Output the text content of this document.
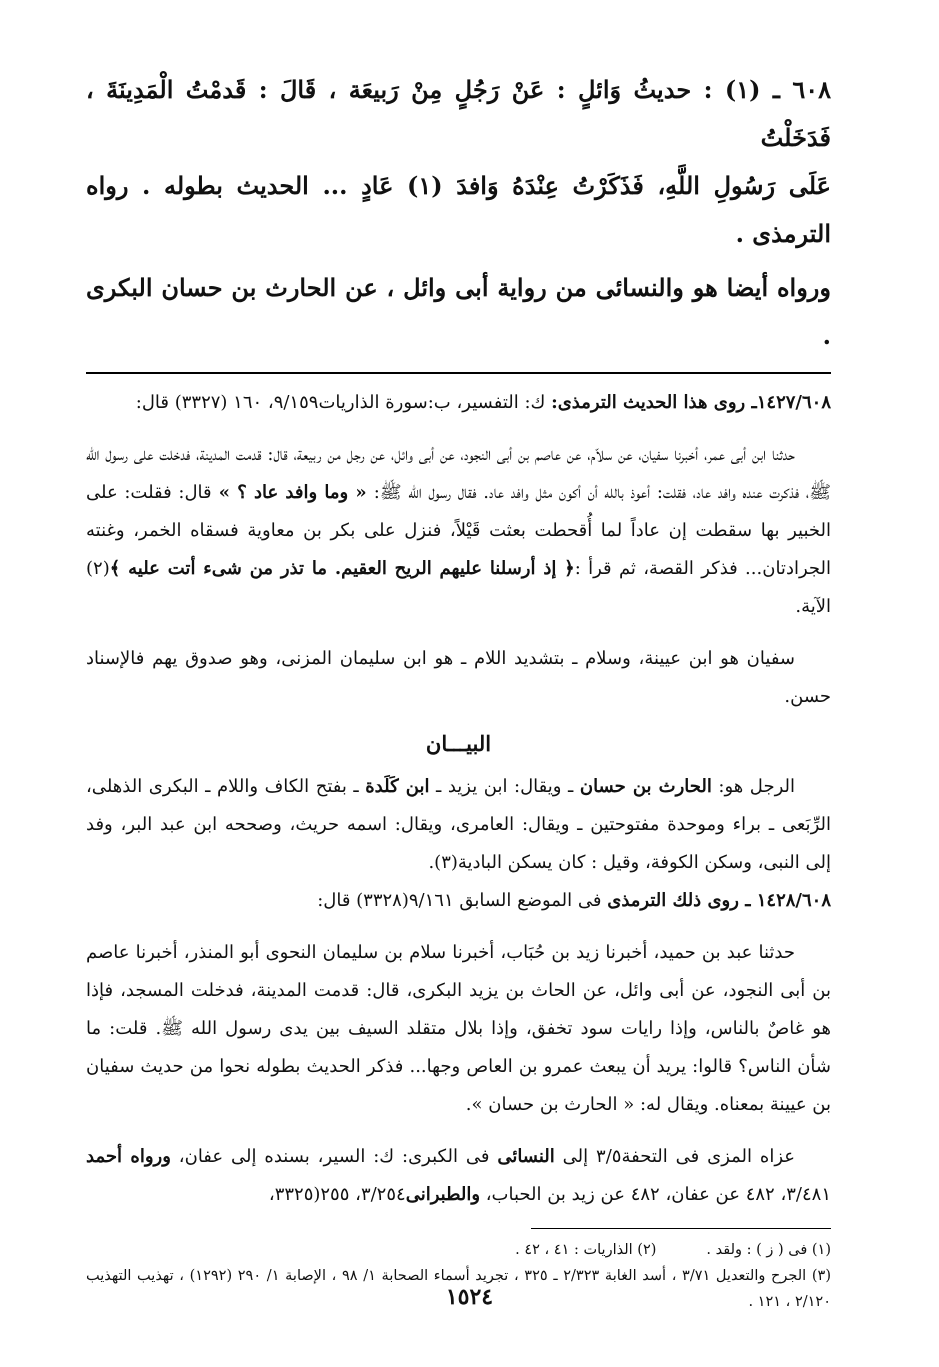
٦٠٨ ـ (١) : حديثُ وَائلٍ : عَنْ رَجُلٍ مِنْ رَبيعَة ، قَالَ : قَدمْتُ الْمَدِينَةَ ، فَدَخَلْتُ

عَلَى رَسُولِ اللَّهِ، فَذَكَرْتُ عِنْدَهُ وَافدَ (١) عَادٍ ... الحديث بطوله . رواه الترمذى .

ورواه أيضا هو والنسائى من رواية أبى وائل ، عن الحارث بن حسان البكرى .

١٤٢٧/٦٠٨ـ روى هذا الحديث الترمذى: ك: التفسير، ب:سورة الذاريات٩/١٥٩، ١٦٠ (٣٣٢٧) قال:

  حدثنا ابن أبى عمر، أخبرنا سفيان، عن سلاّم، عن عاصم بن أبى النجود، عن أبى وائل، عن رجل من ربيعة، قال: قدمت المدينة، فدخلت على رسول الله ﷺ، فذكرت عنده وافد عاد، فقلت: أعوذ بالله أن أكون مثل وافد عاد. فقال رسول الله ﷺ: « وما وافد عاد ؟ » قال: فقلت: على الخبير بها سقطت إن عاداً لما أُقحطت بعثت قَيْلاً، فنزل على بكر بن معاوية فسقاه الخمر، وغنته الجرادتان... فذكر القصة، ثم قرأ :﴿ إذ أرسلنا عليهم الريح العقيم. ما تذر من شىء أتت عليه ﴾(٢) الآية.

  سفيان هو ابن عيينة، وسلام ـ بتشديد اللام ـ هو ابن سليمان المزنى، وهو صدوق يهم فالإسناد حسن.

البيـــان

  الرجل هو: الحارث بن حسان ـ ويقال: ابن يزيد ـ ابن كَلَدة ـ بفتح الكاف واللام ـ البكرى الذهلى، الرِّبَعى ـ براء وموحدة مفتوحتين ـ ويقال: العامرى، ويقال: اسمه حريث، وصححه ابن عبد البر، وفد إلى النبى، وسكن الكوفة، وقيل : كان يسكن البادية(٣).

١٤٢٨/٦٠٨ ـ روى ذلك الترمذى فى الموضع السابق ٩/١٦١(٣٣٢٨) قال:

  حدثنا عبد بن حميد، أخبرنا زيد بن حُبَاب، أخبرنا سلام بن سليمان النحوى أبو المنذر، أخبرنا عاصم بن أبى النجود، عن أبى وائل، عن الحاث بن يزيد البكرى، قال: قدمت المدينة، فدخلت المسجد، فإذا هو غاصٌ بالناس، وإذا رايات سود تخفق، وإذا بلال متقلد السيف بين يدى رسول الله ﷺ. قلت: ما شأن الناس؟ قالوا: يريد أن يبعث عمرو بن العاص وجها... فذكر الحديث بطوله نحوا من حديث سفيان بن عيينة بمعناه. ويقال له: « الحارث بن حسان ».

  عزاه المزى فى التحفة٣/٥ إلى النسائى فى الكبرى: ك: السير، بسنده إلى عفان، ورواه أحمد ٣/٤٨١، ٤٨٢ عن عفان، ٤٨٢ عن زيد بن الحباب، والطبرانى٣/٢٥٤، ٢٥٥(٣٣٢٥،

(١) فى ( ز ) : ولقد .
(٢) الذاريات : ٤١ ، ٤٢ .
(٣) الجرح والتعديل ٣/٧١ ، أسد الغابة ٢/٣٢٣ ـ ٣٢٥ ، تجريد أسماء الصحابة ١/ ٩٨ ، الإصابة ١/ ٢٩٠ (١٢٩٢) ، تهذيب التهذيب ٢/١٢٠ ، ١٢١ .
١٥٢٤
